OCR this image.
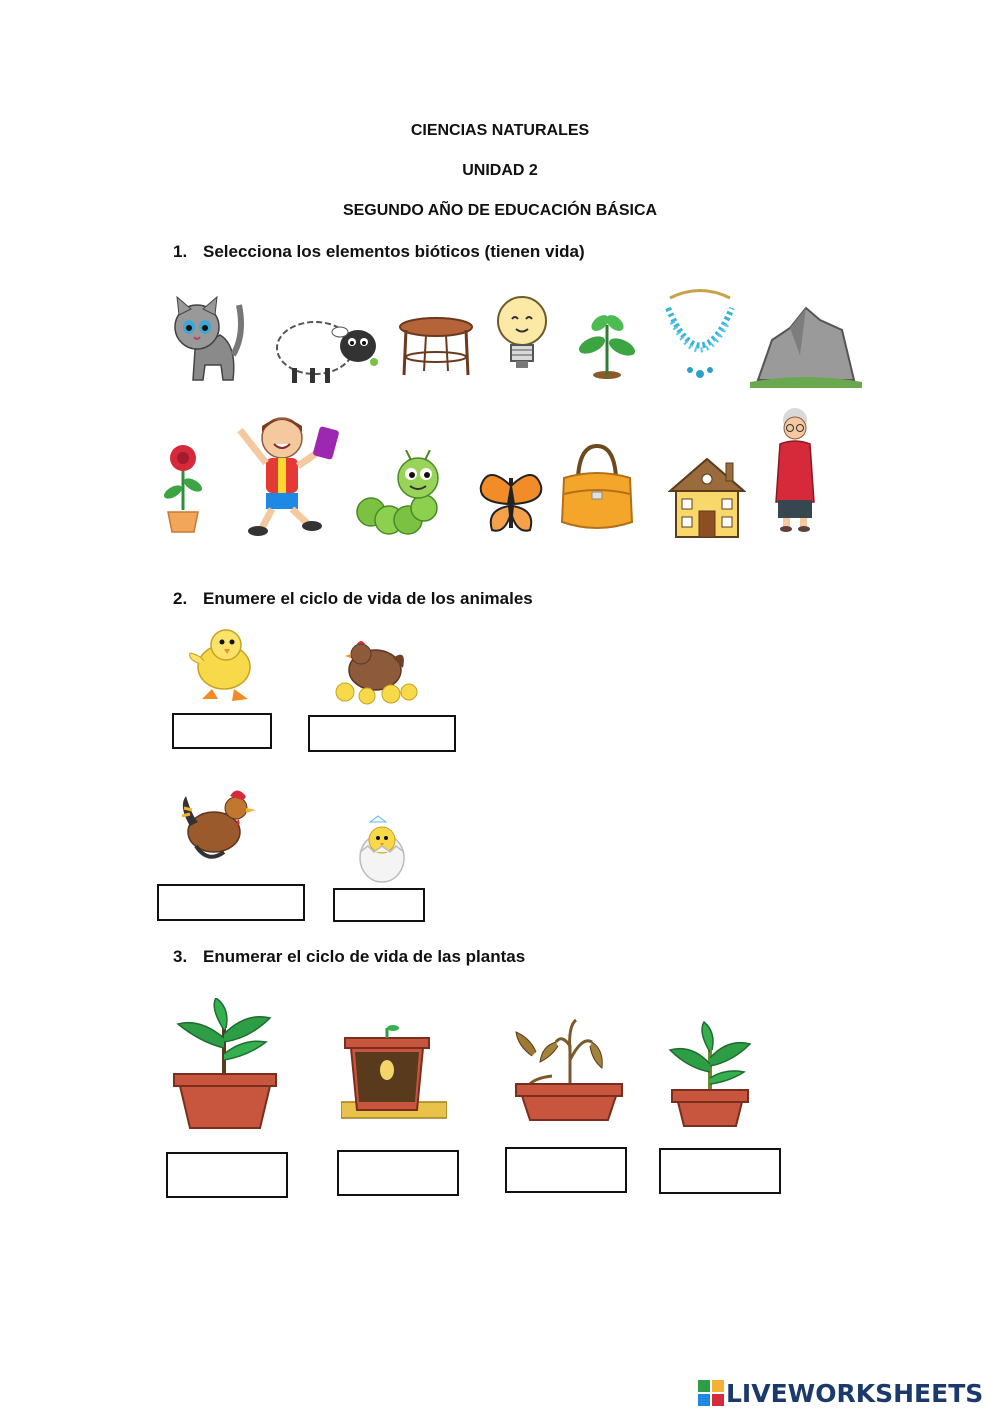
CIENCIAS NATURALES
UNIDAD 2
SEGUNDO AÑO DE EDUCACIÓN BÁSICA
1. Selecciona los elementos bióticos (tienen vida)
2. Enumere el ciclo de vida de los animales
3. Enumerar el ciclo de vida de las plantas
LIVEWORKSHEETS
